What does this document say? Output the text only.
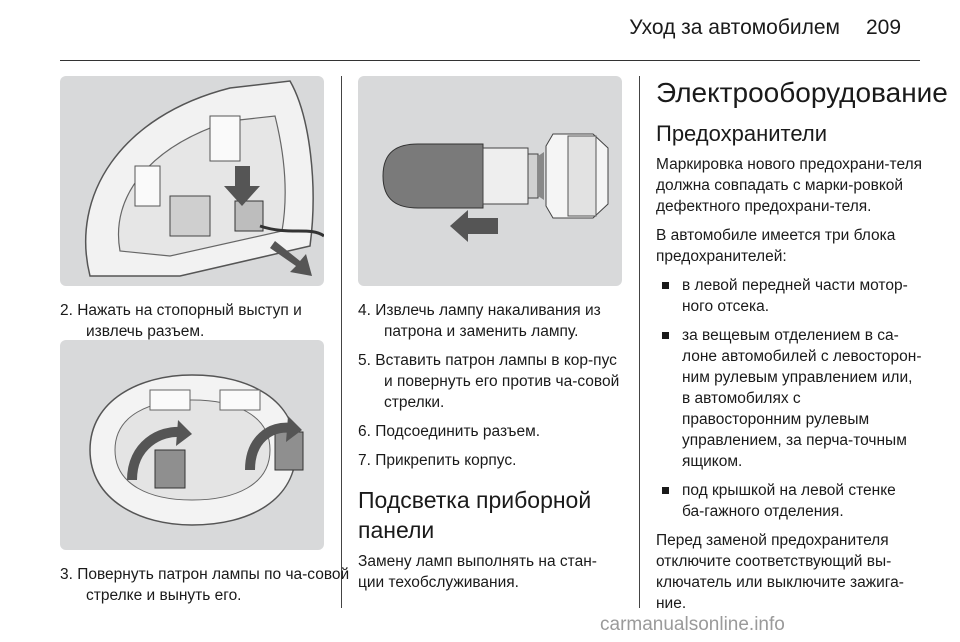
Уход за автомобилем 209
2. Нажать на стопорный выступ и извлечь разъем.
3. Повернуть патрон лампы по ча-совой стрелке и вынуть его.
4. Извлечь лампу накаливания из патрона и заменить лампу.
5. Вставить патрон лампы в кор-пус и повернуть его против ча-совой стрелки.
6. Подсоединить разъем.
7. Прикрепить корпус.
Подсветка приборной панели
Замену ламп выполнять на стан-ции техобслуживания.
Электрооборудование
Предохранители
Маркировка нового предохрани-теля должна совпадать с марки-ровкой дефектного предохрани-теля.
В автомобиле имеется три блока предохранителей:
в левой передней части мотор-ного отсека.
за вещевым отделением в са-лоне автомобилей с левосторон-ним рулевым управлением или, в автомобилях с правосторонним рулевым управлением, за перча-точным ящиком.
под крышкой на левой стенке ба-гажного отделения.
Перед заменой предохранителя отключите соответствующий вы-ключатель или выключите зажига-ние.
carmanualsonline.info
